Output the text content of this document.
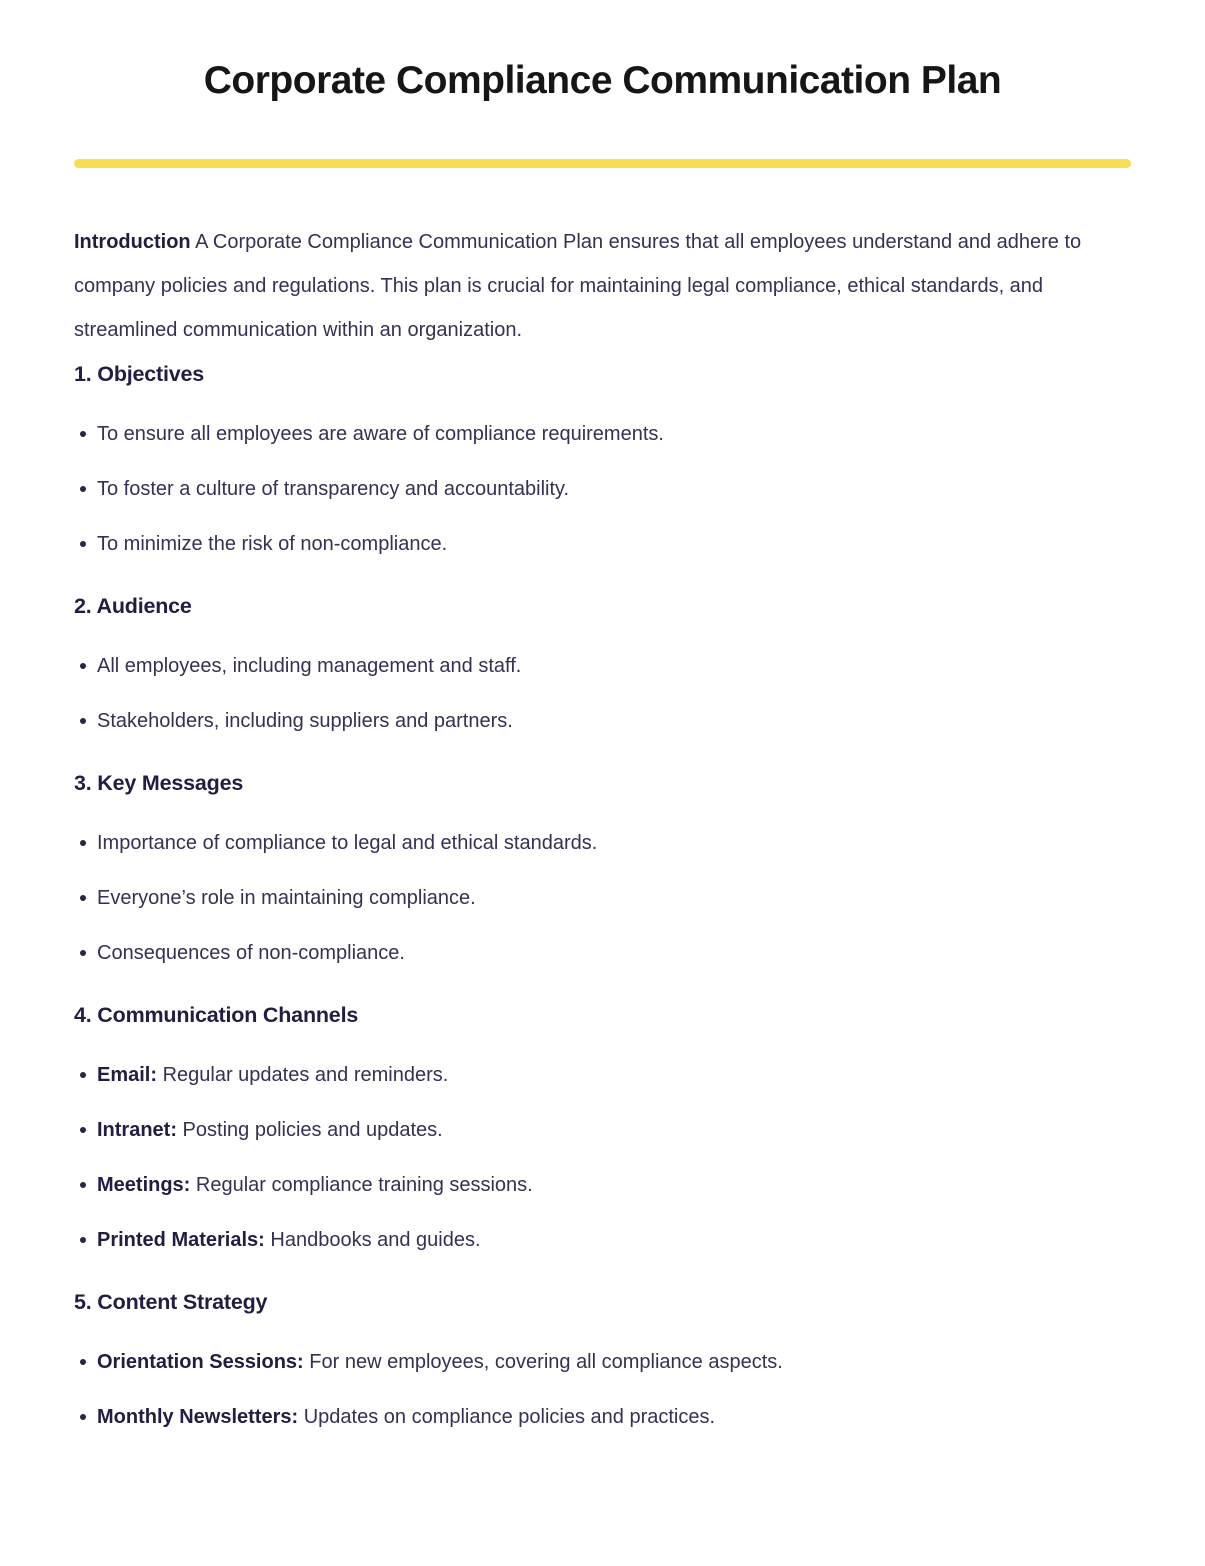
Corporate Compliance Communication Plan

Introduction A Corporate Compliance Communication Plan ensures that all employees understand and adhere to company policies and regulations. This plan is crucial for maintaining legal compliance, ethical standards, and streamlined communication within an organization.

1. Objectives
To ensure all employees are aware of compliance requirements.
To foster a culture of transparency and accountability.
To minimize the risk of non-compliance.
2. Audience
All employees, including management and staff.
Stakeholders, including suppliers and partners.
3. Key Messages
Importance of compliance to legal and ethical standards.
Everyone’s role in maintaining compliance.
Consequences of non-compliance.
4. Communication Channels
Email: Regular updates and reminders.
Intranet: Posting policies and updates.
Meetings: Regular compliance training sessions.
Printed Materials: Handbooks and guides.
5. Content Strategy
Orientation Sessions: For new employees, covering all compliance aspects.
Monthly Newsletters: Updates on compliance policies and practices.
